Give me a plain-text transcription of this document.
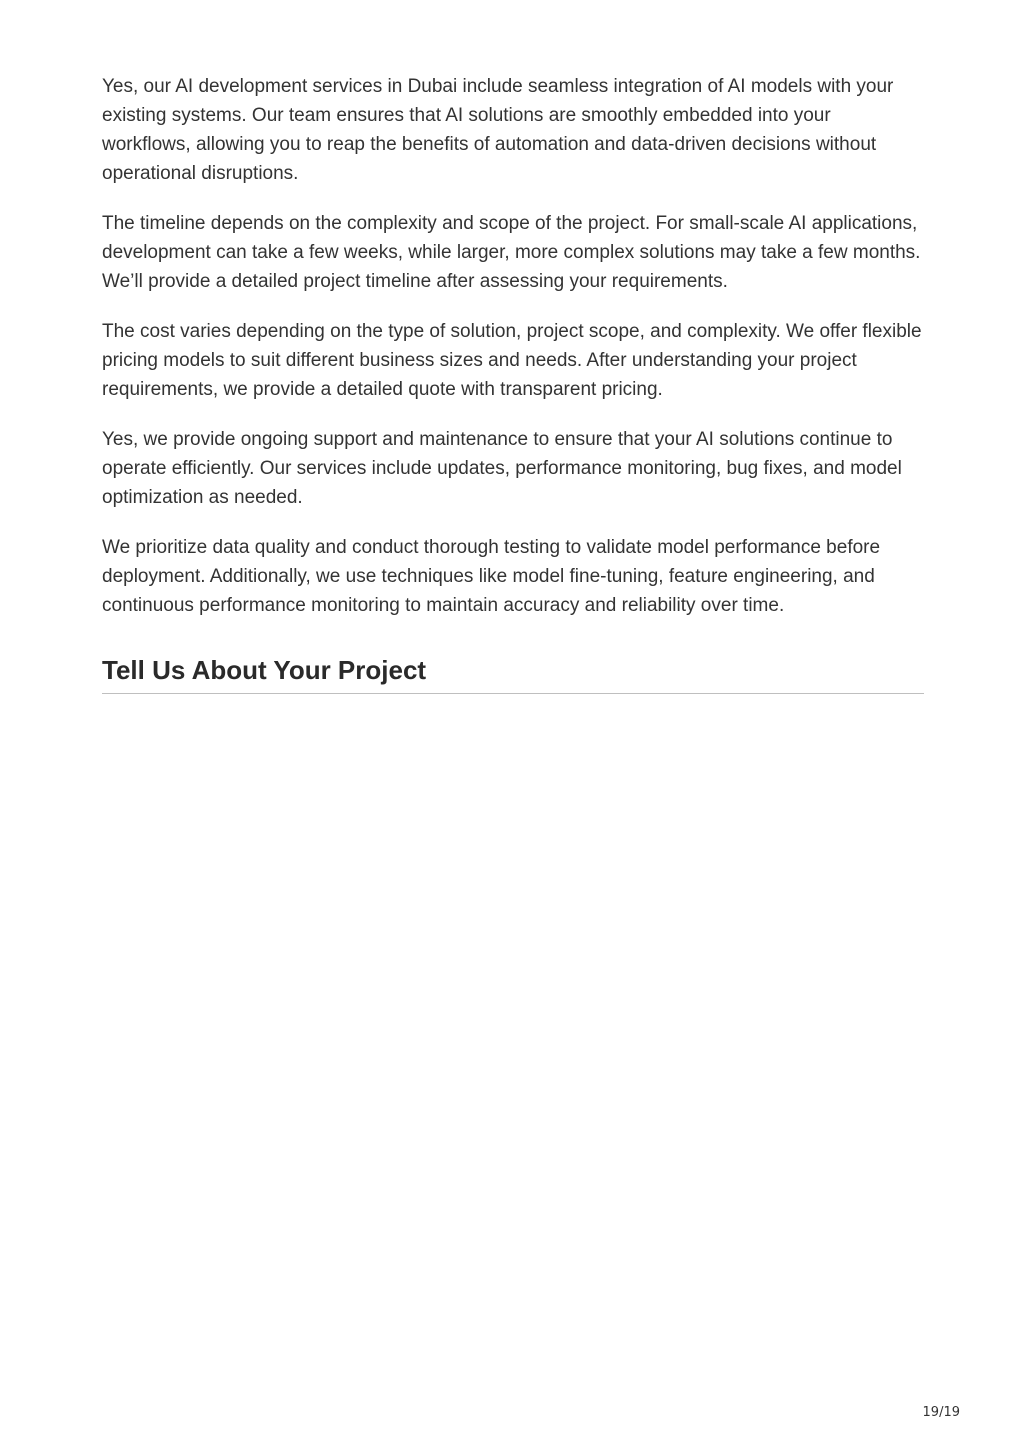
Yes, our AI development services in Dubai include seamless integration of AI models with your existing systems. Our team ensures that AI solutions are smoothly embedded into your workflows, allowing you to reap the benefits of automation and data-driven decisions without operational disruptions.

The timeline depends on the complexity and scope of the project. For small-scale AI applications, development can take a few weeks, while larger, more complex solutions may take a few months. We’ll provide a detailed project timeline after assessing your requirements.

The cost varies depending on the type of solution, project scope, and complexity. We offer flexible pricing models to suit different business sizes and needs. After understanding your project requirements, we provide a detailed quote with transparent pricing.

Yes, we provide ongoing support and maintenance to ensure that your AI solutions continue to operate efficiently. Our services include updates, performance monitoring, bug fixes, and model optimization as needed.

We prioritize data quality and conduct thorough testing to validate model performance before deployment. Additionally, we use techniques like model fine-tuning, feature engineering, and continuous performance monitoring to maintain accuracy and reliability over time.

Tell Us About Your Project
19/19
